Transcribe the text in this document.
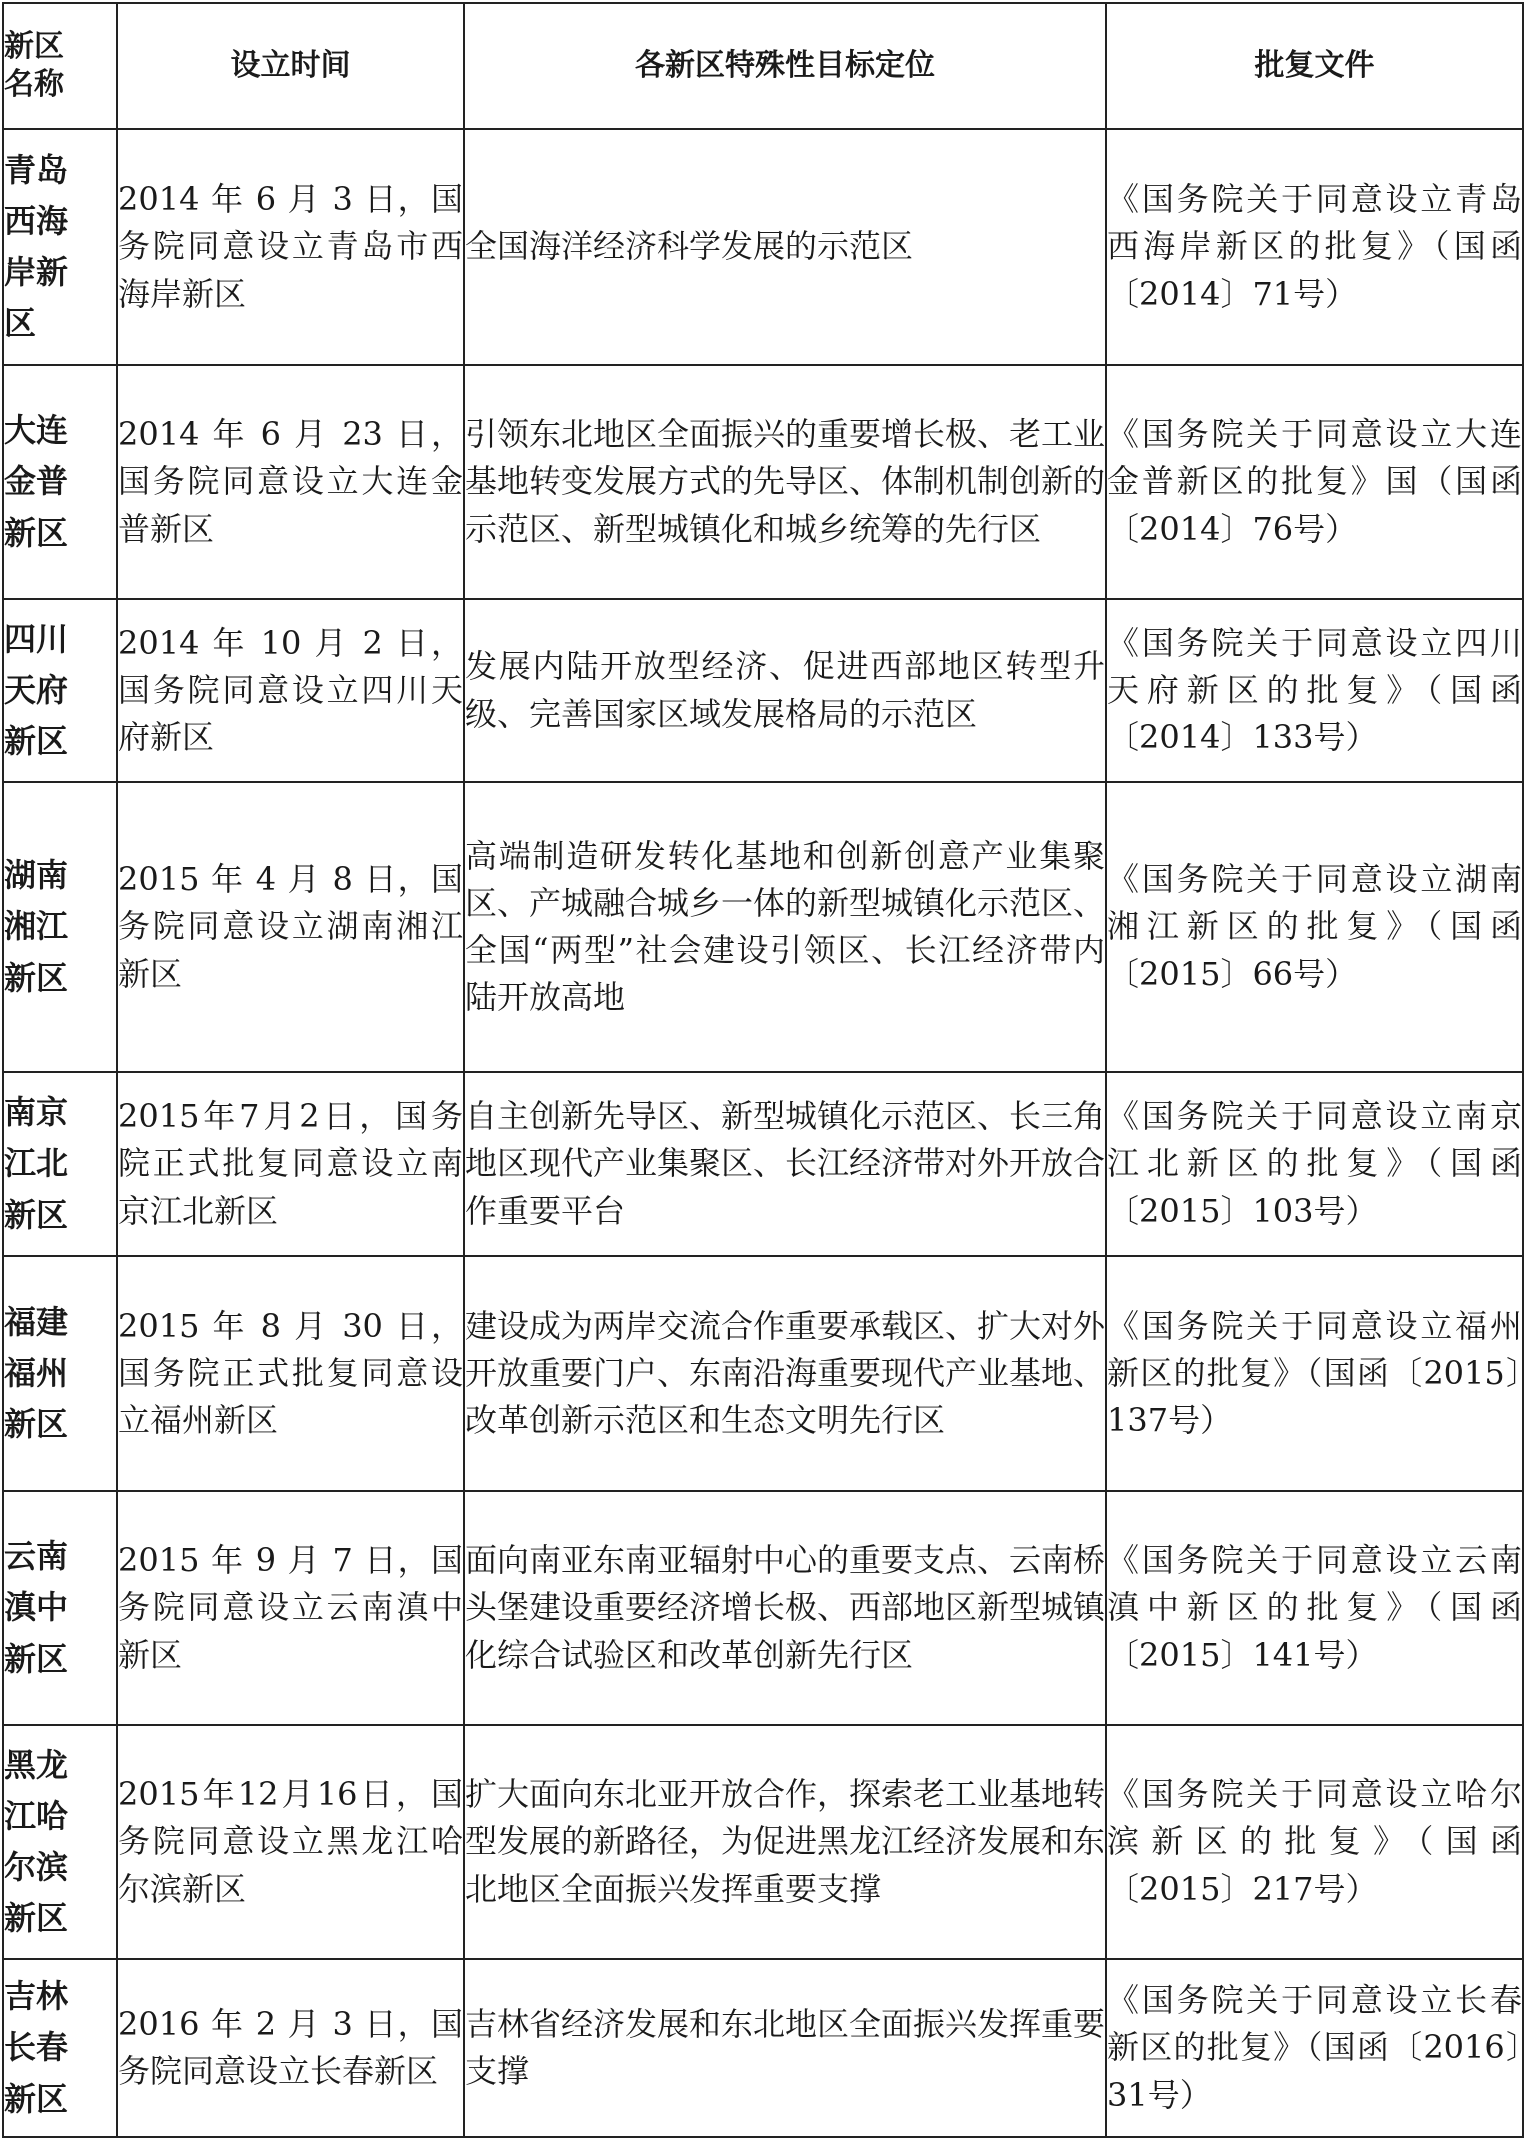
新区
名称	设立时间	各新区特殊性目标定位	批复文件

青岛
西海
岸新
区	2014 年 6 月 3 日，国务院同意设立青岛市西海岸新区	全国海洋经济科学发展的示范区	《国务院关于同意设立青岛西海岸新区的批复》（国函〔2014〕71号）

大连
金普
新区	2014 年 6 月 23 日，国务院同意设立大连金普新区	引领东北地区全面振兴的重要增长极、老工业基地转变发展方式的先导区、体制机制创新的示范区、新型城镇化和城乡统筹的先行区	《国务院关于同意设立大连金普新区的批复》国（国函〔2014〕76号）

四川
天府
新区	2014 年 10 月 2 日，国务院同意设立四川天府新区	发展内陆开放型经济、促进西部地区转型升级、完善国家区域发展格局的示范区	《国务院关于同意设立四川天府新区的批复》（国函〔2014〕133号）

湖南
湘江
新区	2015 年 4 月 8 日，国务院同意设立湖南湘江新区	高端制造研发转化基地和创新创意产业集聚区、产城融合城乡一体的新型城镇化示范区、全国“两型”社会建设引领区、长江经济带内陆开放高地	《国务院关于同意设立湖南湘江新区的批复》（国函〔2015〕66号）

南京
江北
新区	2015年7月2日，国务院正式批复同意设立南京江北新区	自主创新先导区、新型城镇化示范区、长三角地区现代产业集聚区、长江经济带对外开放合作重要平台	《国务院关于同意设立南京江北新区的批复》（国函〔2015〕103号）

福建
福州
新区	2015 年 8 月 30 日，国务院正式批复同意设立福州新区	建设成为两岸交流合作重要承载区、扩大对外开放重要门户、东南沿海重要现代产业基地、改革创新示范区和生态文明先行区	《国务院关于同意设立福州新区的批复》（国函〔2015〕137号）

云南
滇中
新区	2015 年 9 月 7 日，国务院同意设立云南滇中新区	面向南亚东南亚辐射中心的重要支点、云南桥头堡建设重要经济增长极、西部地区新型城镇化综合试验区和改革创新先行区	《国务院关于同意设立云南滇中新区的批复》（国函〔2015〕141号）

黑龙
江哈
尔滨
新区	2015年12月16日，国务院同意设立黑龙江哈尔滨新区	扩大面向东北亚开放合作，探索老工业基地转型发展的新路径，为促进黑龙江经济发展和东北地区全面振兴发挥重要支撑	《国务院关于同意设立哈尔滨新区的批复》（国函〔2015〕217号）

吉林
长春
新区	2016 年 2 月 3 日，国务院同意设立长春新区	吉林省经济发展和东北地区全面振兴发挥重要支撑	《国务院关于同意设立长春新区的批复》（国函〔2016〕31号）
